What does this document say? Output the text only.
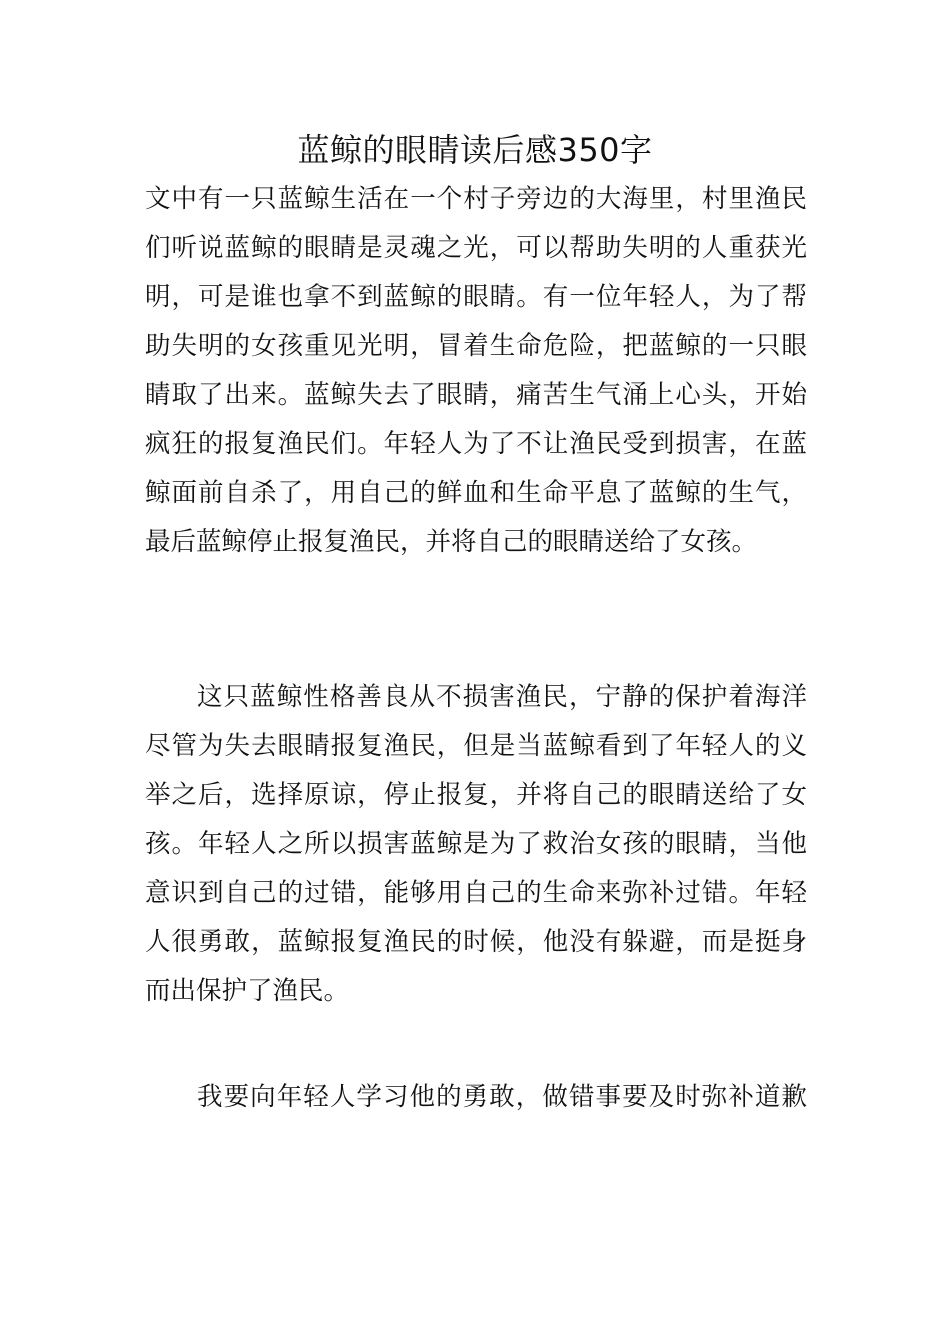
蓝鲸的眼睛读后感350字
文中有一只蓝鲸生活在一个村子旁边的大海里，村里渔民
们听说蓝鲸的眼睛是灵魂之光，可以帮助失明的人重获光
明，可是谁也拿不到蓝鲸的眼睛。有一位年轻人，为了帮
助失明的女孩重见光明，冒着生命危险，把蓝鲸的一只眼
睛取了出来。蓝鲸失去了眼睛，痛苦生气涌上心头，开始
疯狂的报复渔民们。年轻人为了不让渔民受到损害，在蓝
鲸面前自杀了，用自己的鲜血和生命平息了蓝鲸的生气，
最后蓝鲸停止报复渔民，并将自己的眼睛送给了女孩。
这只蓝鲸性格善良从不损害渔民，宁静的保护着海洋
尽管为失去眼睛报复渔民，但是当蓝鲸看到了年轻人的义
举之后，选择原谅，停止报复，并将自己的眼睛送给了女
孩。年轻人之所以损害蓝鲸是为了救治女孩的眼睛，当他
意识到自己的过错，能够用自己的生命来弥补过错。年轻
人很勇敢，蓝鲸报复渔民的时候，他没有躲避，而是挺身
而出保护了渔民。
我要向年轻人学习他的勇敢，做错事要及时弥补道歉
